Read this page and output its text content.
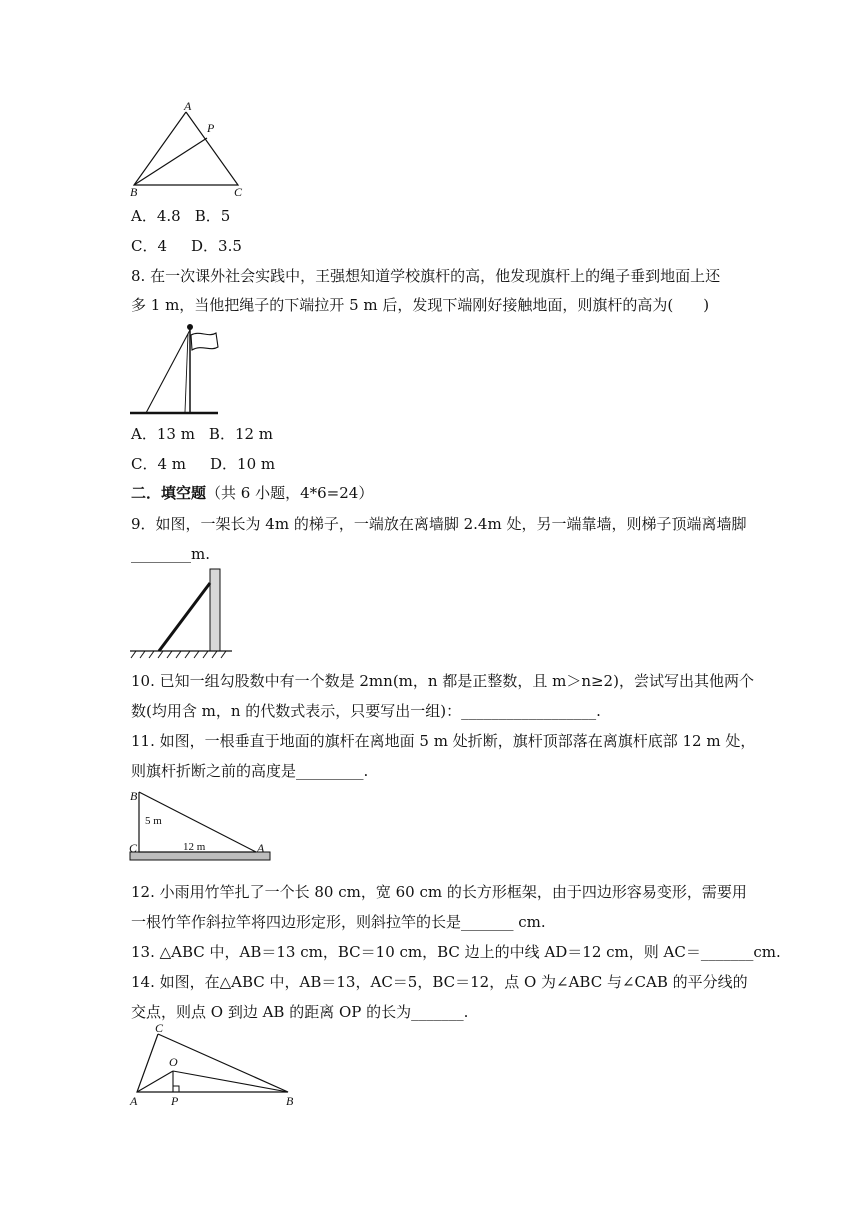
A
P
B	C
A．4.8 B．5
C．4 D．3.5
8. 在一次课外社会实践中，王强想知道学校旗杆的高，他发现旗杆上的绳子垂到地面上还
多 1 m，当他把绳子的下端拉开 5 m 后，发现下端刚好接触地面，则旗杆的高为(　　)
A．13 m B．12 m
C．4 m D．10 m
二．填空题（共 6 小题，4*6=24）
9．如图，一架长为 4m 的梯子，一端放在离墙脚 2.4m 处，另一端靠墙，则梯子顶端离墙脚
________m.
10. 已知一组勾股数中有一个数是 2mn(m，n 都是正整数，且 m＞n≥2)，尝试写出其他两个
数(均用含 m，n 的代数式表示，只要写出一组)：__________________.
11. 如图，一根垂直于地面的旗杆在离地面 5 m 处折断，旗杆顶部落在离旗杆底部 12 m 处，
则旗杆折断之前的高度是_________.
B
C	A
5 m
12 m
12. 小雨用竹竿扎了一个长 80 cm，宽 60 cm 的长方形框架，由于四边形容易变形，需要用
一根竹竿作斜拉竿将四边形定形，则斜拉竿的长是_______ cm.
13. △ABC 中，AB＝13 cm，BC＝10 cm，BC 边上的中线 AD＝12 cm，则 AC＝_______cm.
14. 如图，在△ABC 中，AB＝13，AC＝5，BC＝12，点 O 为∠ABC 与∠CAB 的平分线的
交点，则点 O 到边 AB 的距离 OP 的长为_______.
C
O
A	P	B
